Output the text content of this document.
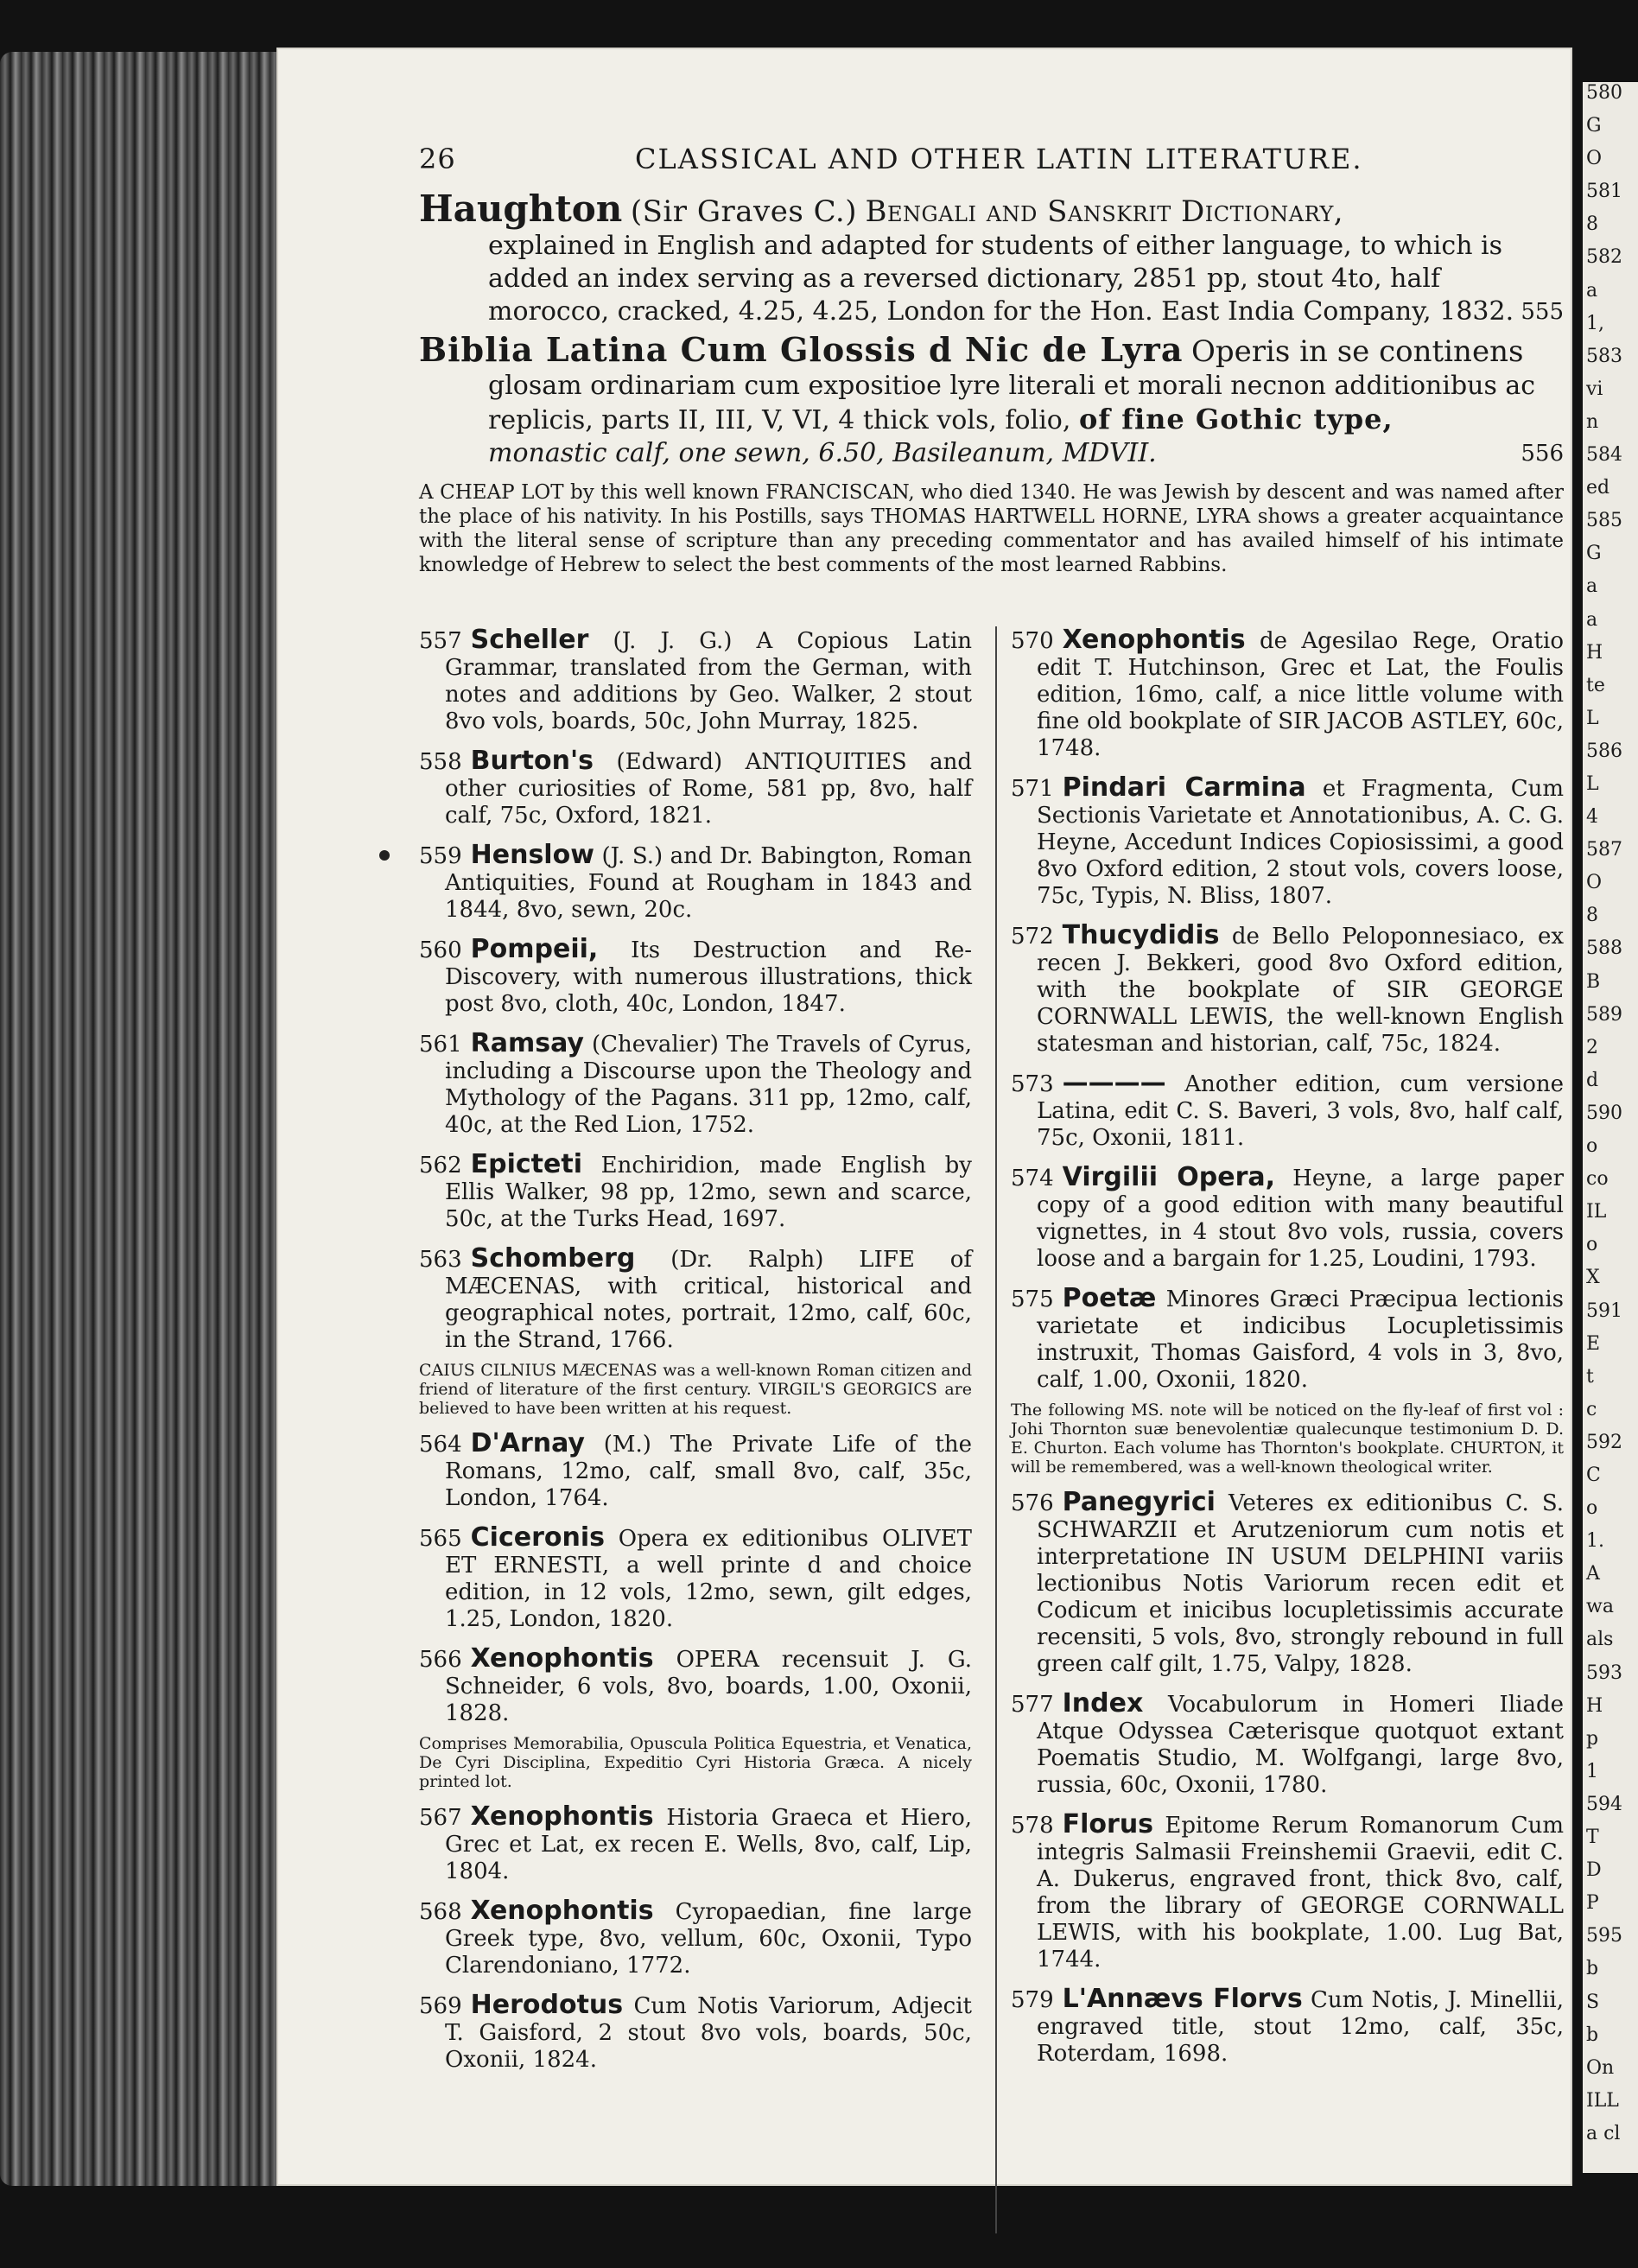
580
G
O
581
8
582
a
1,
583
vi
n
584
ed
585
G
a
a
H
te
L
586
L
4
587
O
8
588
B
589
2
d
590
o
co
IL
o
X
591
E
t
c
592
C
o
1.
A
wa
als
593
H
p
1
594
T
D
P
595
b
S
b
On
ILL
a cl
26	CLASSICAL AND OTHER LATIN LITERATURE.
Haughton (Sir Graves C.) Bengali and Sanskrit Dictionary,
explained in English and adapted for students of either language, to which is added an index serving as a reversed dictionary, 2851 pp, stout 4to, half morocco, cracked, 4.25, 4.25, London for the Hon. East India Company, 1832. 555
Biblia Latina Cum Glossis d Nic de Lyra Operis in se continens
glosam ordinariam cum expositioe lyre literali et morali necnon additionibus ac replicis, parts II, III, V, VI, 4 thick vols, folio, of fine Gothic type,
monastic calf, one sewn, 6.50, Basileanum, MDVII.	556
A CHEAP LOT by this well known FRANCISCAN, who died 1340. He was Jewish by descent and was named after the place of his nativity. In his Postills, says THOMAS HARTWELL HORNE, LYRA shows a greater acquaintance with the literal sense of scripture than any preceding commentator and has availed himself of his intimate knowledge of Hebrew to select the best comments of the most learned Rabbins.
557 Scheller (J. J. G.) A Copious Latin Grammar, translated from the German, with notes and additions by Geo. Walker, 2 stout 8vo vols, boards, 50c, John Murray, 1825.
558 Burton's (Edward) ANTIQUITIES and other curiosities of Rome, 581 pp, 8vo, half calf, 75c, Oxford, 1821.
559 Henslow (J. S.) and Dr. Babington, Roman Antiquities, Found at Rougham in 1843 and 1844, 8vo, sewn, 20c.
560 Pompeii, Its Destruction and Re-Discovery, with numerous illustrations, thick post 8vo, cloth, 40c, London, 1847.
561 Ramsay (Chevalier) The Travels of Cyrus, including a Discourse upon the Theology and Mythology of the Pagans. 311 pp, 12mo, calf, 40c, at the Red Lion, 1752.
562 Epicteti Enchiridion, made English by Ellis Walker, 98 pp, 12mo, sewn and scarce, 50c, at the Turks Head, 1697.
563 Schomberg (Dr. Ralph) LIFE of MÆCENAS, with critical, historical and geographical notes, portrait, 12mo, calf, 60c, in the Strand, 1766.
CAIUS CILNIUS MÆCENAS was a well-known Roman citizen and friend of literature of the first century. VIRGIL'S GEORGICS are believed to have been written at his request.
564 D'Arnay (M.) The Private Life of the Romans, 12mo, calf, small 8vo, calf, 35c, London, 1764.
565 Ciceronis Opera ex editionibus OLIVET ET ERNESTI, a well printe d and choice edition, in 12 vols, 12mo, sewn, gilt edges, 1.25, London, 1820.
566 Xenophontis OPERA recensuit J. G. Schneider, 6 vols, 8vo, boards, 1.00, Oxonii, 1828.
Comprises Memorabilia, Opuscula Politica Equestria, et Venatica, De Cyri Disciplina, Expeditio Cyri Historia Græca. A nicely printed lot.
567 Xenophontis Historia Graeca et Hiero, Grec et Lat, ex recen E. Wells, 8vo, calf, Lip, 1804.
568 Xenophontis Cyropaedian, fine large Greek type, 8vo, vellum, 60c, Oxonii, Typo Clarendoniano, 1772.
569 Herodotus Cum Notis Variorum, Adjecit T. Gaisford, 2 stout 8vo vols, boards, 50c, Oxonii, 1824.
570 Xenophontis de Agesilao Rege, Oratio edit T. Hutchinson, Grec et Lat, the Foulis edition, 16mo, calf, a nice little volume with fine old bookplate of SIR JACOB ASTLEY, 60c, 1748.
571 Pindari Carmina et Fragmenta, Cum Sectionis Varietate et Annotationibus, A. C. G. Heyne, Accedunt Indices Copiosissimi, a good 8vo Oxford edition, 2 stout vols, covers loose, 75c, Typis, N. Bliss, 1807.
572 Thucydidis de Bello Peloponnesiaco, ex recen J. Bekkeri, good 8vo Oxford edition, with the bookplate of SIR GEORGE CORNWALL LEWIS, the well-known English statesman and historian, calf, 75c, 1824.
573 ———— Another edition, cum versione Latina, edit C. S. Baveri, 3 vols, 8vo, half calf, 75c, Oxonii, 1811.
574 Virgilii Opera, Heyne, a large paper copy of a good edition with many beautiful vignettes, in 4 stout 8vo vols, russia, covers loose and a bargain for 1.25, Loudini, 1793.
575 Poetæ Minores Græci Præcipua lectionis varietate et indicibus Locupletissimis instruxit, Thomas Gaisford, 4 vols in 3, 8vo, calf, 1.00, Oxonii, 1820.
The following MS. note will be noticed on the fly-leaf of first vol : Johi Thornton suæ benevolentiæ qualecunque testimonium D. D. E. Churton. Each volume has Thornton's bookplate. CHURTON, it will be remembered, was a well-known theological writer.
576 Panegyrici Veteres ex editionibus C. S. SCHWARZII et Arutzeniorum cum notis et interpretatione IN USUM DELPHINI variis lectionibus Notis Variorum recen edit et Codicum et inicibus locupletissimis accurate recensiti, 5 vols, 8vo, strongly rebound in full green calf gilt, 1.75, Valpy, 1828.
577 Index Vocabulorum in Homeri Iliade Atque Odyssea Cæterisque quotquot extant Poematis Studio, M. Wolfgangi, large 8vo, russia, 60c, Oxonii, 1780.
578 Florus Epitome Rerum Romanorum Cum integris Salmasii Freinshemii Graevii, edit C. A. Dukerus, engraved front, thick 8vo, calf, from the library of GEORGE CORNWALL LEWIS, with his bookplate, 1.00. Lug Bat, 1744.
579 L'Annævs Florvs Cum Notis, J. Minellii, engraved title, stout 12mo, calf, 35c, Roterdam, 1698.
